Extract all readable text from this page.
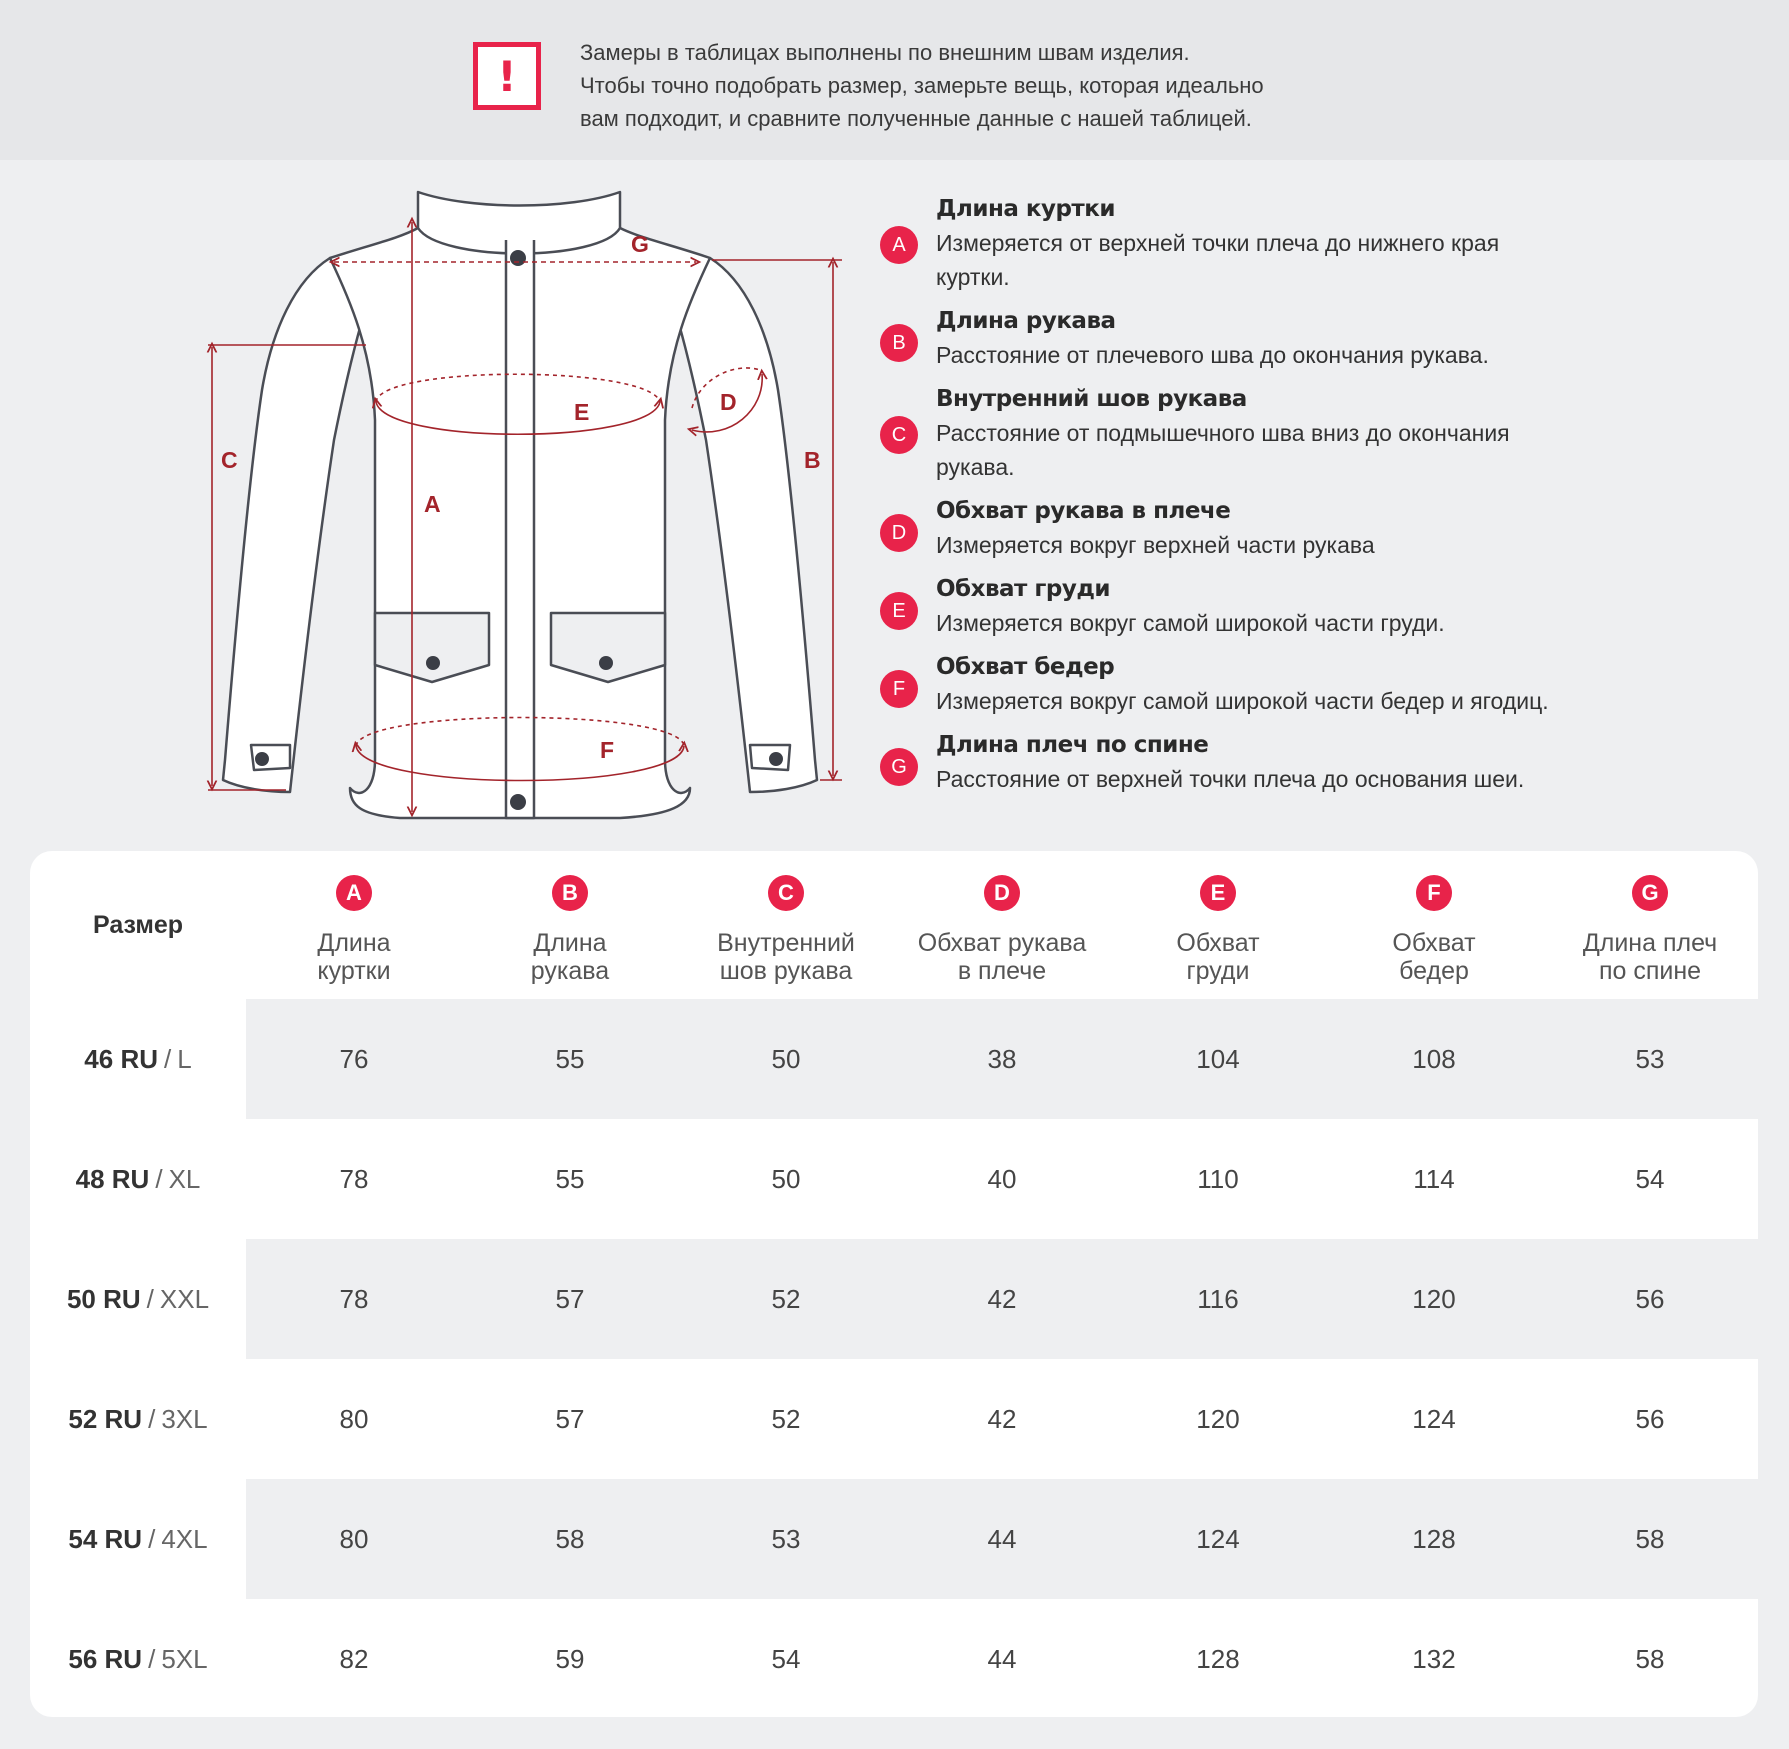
!	Замеры в таблицах выполнены по внешним швам изделия.
Чтобы точно подобрать размер, замерьте вещь, которая идеально
вам подходит, и сравните полученные данные с нашей таблицей.
A
B
C
D
E
F
G	A
Длина куртки
Измеряется от верхней точки плеча до нижнего края
куртки.
B
Длина рукава
Расстояние от плечевого шва до окончания рукава.
C
Внутренний шов рукава
Расстояние от подмышечного шва вниз до окончания
рукава.
D
Обхват рукава в плече
Измеряется вокруг верхней части рукава
E
Обхват груди
Измеряется вокруг самой широкой части груди.
F
Обхват бедер
Измеряется вокруг самой широкой части бедер и ягодиц.
G
Длина плеч по спине
Расстояние от верхней точки плеча до основания шеи.
Размер
A
Длина
куртки
B
Длина
рукава
C
Внутренний
шов рукава
D
Обхват рукава
в плече
E
Обхват
груди
F
Обхват
бедер
G
Длина плеч
по спине
46 RU / L	76	55	50	38	104	108	53
48 RU / XL	78	55	50	40	110	114	54
50 RU / XXL	78	57	52	42	116	120	56
52 RU / 3XL	80	57	52	42	120	124	56
54 RU / 4XL	80	58	53	44	124	128	58
56 RU / 5XL	82	59	54	44	128	132	58
